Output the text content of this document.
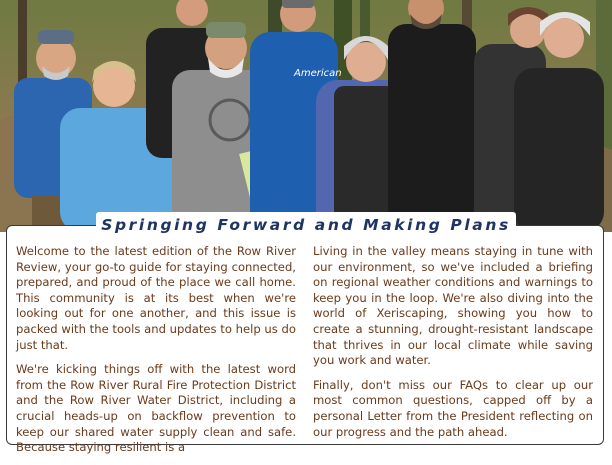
American
Springing Forward and Making Plans

Welcome to the latest edition of the Row River Review, your go-to guide for staying connected, prepared, and proud of the place we call home. This community is at its best when we're looking out for one another, and this issue is packed with the tools and updates to help us do just that.

We're kicking things off with the latest word from the Row River Rural Fire Protection District and the Row River Water District, including a crucial heads-up on backflow prevention to keep our shared water supply clean and safe. Because staying resilient is a

Living in the valley means staying in tune with our environment, so we've included a briefing on regional weather conditions and warnings to keep you in the loop. We're also diving into the world of Xeriscaping, showing you how to create a stunning, drought-resistant landscape that thrives in our local climate while saving you work and water.

Finally, don't miss our FAQs to clear up our most common questions, capped off by a personal Letter from the President reflecting on our progress and the path ahead.
